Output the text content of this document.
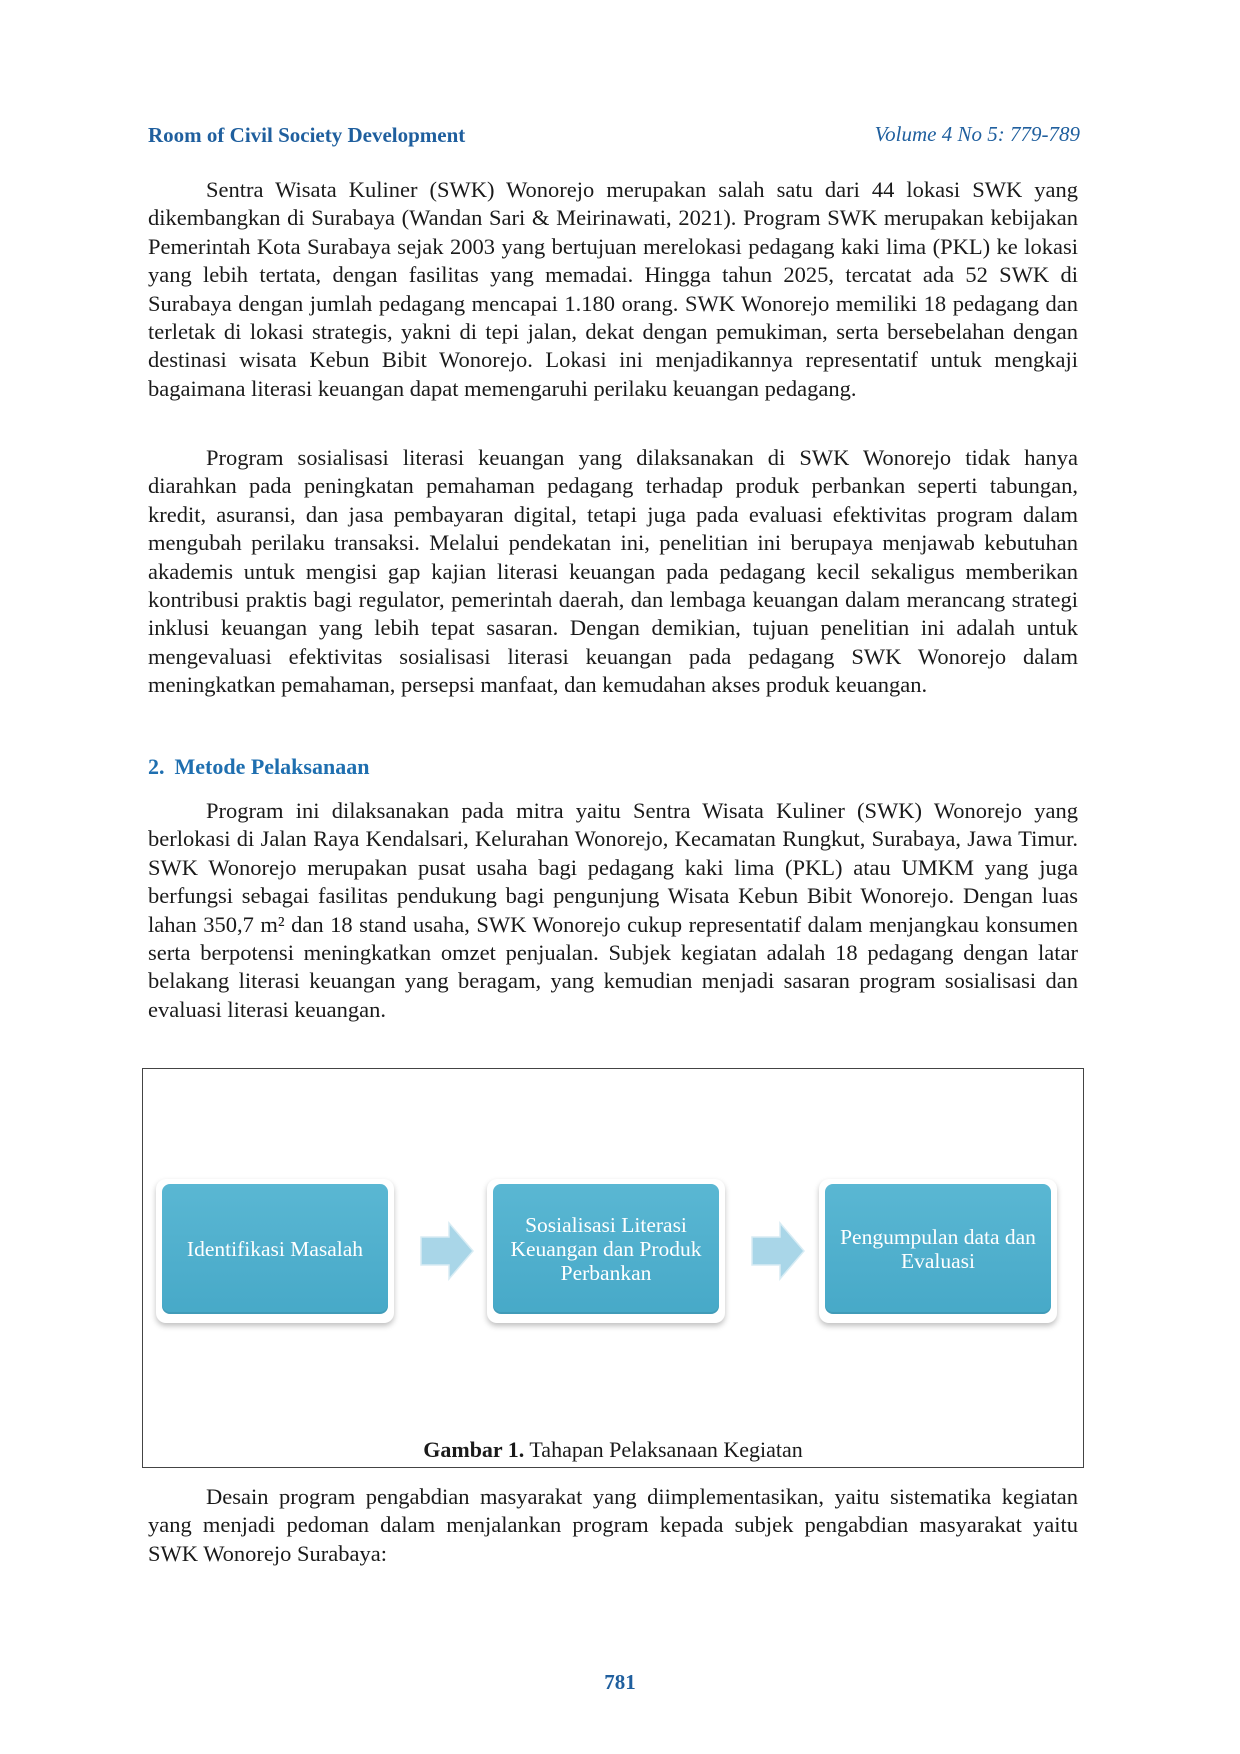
Room of Civil Society Development	Volume 4 No 5: 779-789

Sentra Wisata Kuliner (SWK) Wonorejo merupakan salah satu dari 44 lokasi SWK yang dikembangkan di Surabaya (Wandan Sari & Meirinawati, 2021). Program SWK merupakan kebijakan Pemerintah Kota Surabaya sejak 2003 yang bertujuan merelokasi pedagang kaki lima (PKL) ke lokasi yang lebih tertata, dengan fasilitas yang memadai. Hingga tahun 2025, tercatat ada 52 SWK di Surabaya dengan jumlah pedagang mencapai 1.180 orang. SWK Wonorejo memiliki 18 pedagang dan terletak di lokasi strategis, yakni di tepi jalan, dekat dengan pemukiman, serta bersebelahan dengan destinasi wisata Kebun Bibit Wonorejo. Lokasi ini menjadikannya representatif untuk mengkaji bagaimana literasi keuangan dapat memengaruhi perilaku keuangan pedagang.

Program sosialisasi literasi keuangan yang dilaksanakan di SWK Wonorejo tidak hanya diarahkan pada peningkatan pemahaman pedagang terhadap produk perbankan seperti tabungan, kredit, asuransi, dan jasa pembayaran digital, tetapi juga pada evaluasi efektivitas program dalam mengubah perilaku transaksi. Melalui pendekatan ini, penelitian ini berupaya menjawab kebutuhan akademis untuk mengisi gap kajian literasi keuangan pada pedagang kecil sekaligus memberikan kontribusi praktis bagi regulator, pemerintah daerah, dan lembaga keuangan dalam merancang strategi inklusi keuangan yang lebih tepat sasaran. Dengan demikian, tujuan penelitian ini adalah untuk mengevaluasi efektivitas sosialisasi literasi keuangan pada pedagang SWK Wonorejo dalam meningkatkan pemahaman, persepsi manfaat, dan kemudahan akses produk keuangan.

2. Metode Pelaksanaan

Program ini dilaksanakan pada mitra yaitu Sentra Wisata Kuliner (SWK) Wonorejo yang berlokasi di Jalan Raya Kendalsari, Kelurahan Wonorejo, Kecamatan Rungkut, Surabaya, Jawa Timur. SWK Wonorejo merupakan pusat usaha bagi pedagang kaki lima (PKL) atau UMKM yang juga berfungsi sebagai fasilitas pendukung bagi pengunjung Wisata Kebun Bibit Wonorejo. Dengan luas lahan 350,7 m² dan 18 stand usaha, SWK Wonorejo cukup representatif dalam menjangkau konsumen serta berpotensi meningkatkan omzet penjualan. Subjek kegiatan adalah 18 pedagang dengan latar belakang literasi keuangan yang beragam, yang kemudian menjadi sasaran program sosialisasi dan evaluasi literasi keuangan.

Identifikasi Masalah
Sosialisasi Literasi Keuangan dan Produk Perbankan
Pengumpulan data dan Evaluasi
Gambar 1. Tahapan Pelaksanaan Kegiatan

Desain program pengabdian masyarakat yang diimplementasikan, yaitu sistematika kegiatan yang menjadi pedoman dalam menjalankan program kepada subjek pengabdian masyarakat yaitu SWK Wonorejo Surabaya:

781
